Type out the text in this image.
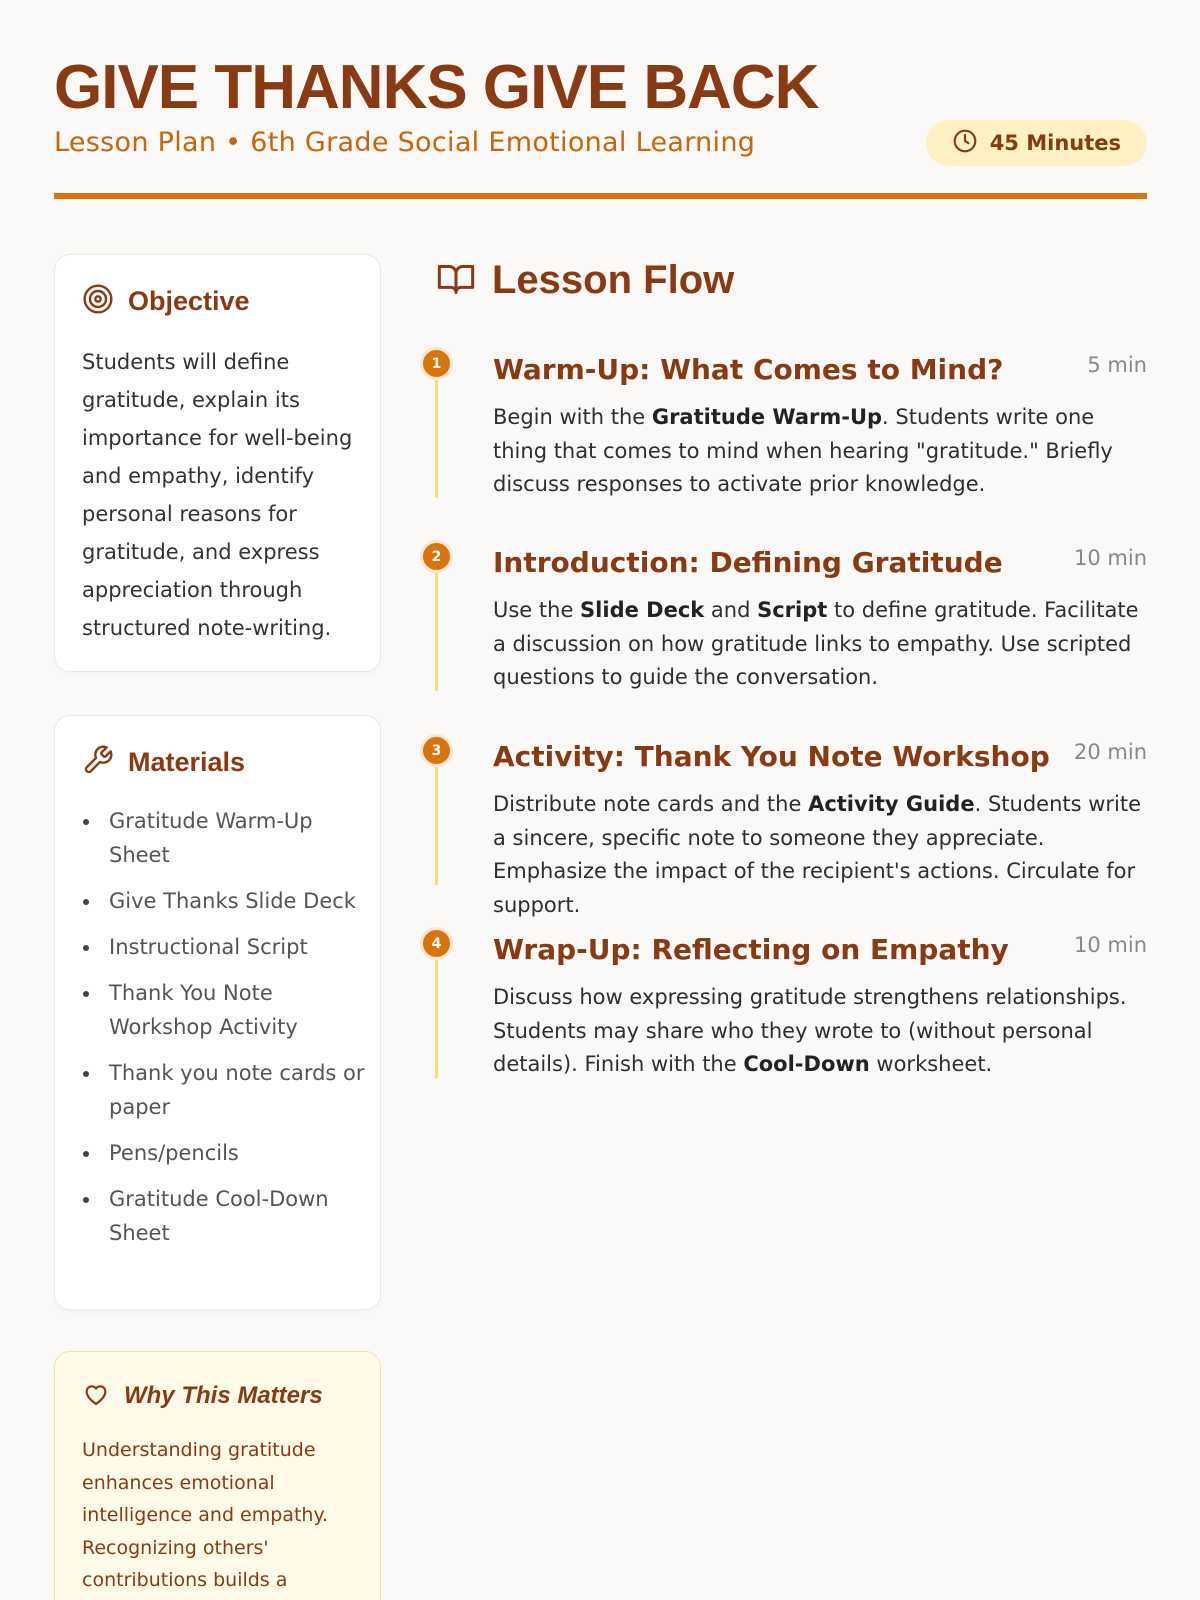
GIVE THANKS GIVE BACK
Lesson Plan • 6th Grade Social Emotional Learning	45 Minutes
Objective

Students will define gratitude, explain its importance for well-being and empathy, identify personal reasons for gratitude, and express appreciation through structured note-writing.

Materials
Gratitude Warm-Up Sheet
Give Thanks Slide Deck
Instructional Script
Thank You Note Workshop Activity
Thank you note cards or paper
Pens/pencils
Gratitude Cool-Down Sheet
Why This Matters

Understanding gratitude enhances emotional intelligence and empathy. Recognizing others' contributions builds a

Lesson Flow
1	Warm-Up: What Comes to Mind?	5 min

Begin with the Gratitude Warm-Up. Students write one thing that comes to mind when hearing "gratitude." Briefly discuss responses to activate prior knowledge.

2	Introduction: Defining Gratitude	10 min

Use the Slide Deck and Script to define gratitude. Facilitate a discussion on how gratitude links to empathy. Use scripted questions to guide the conversation.

3	Activity: Thank You Note Workshop 20 min

Distribute note cards and the Activity Guide. Students write a sincere, specific note to someone they appreciate. Emphasize the impact of the recipient's actions. Circulate for support.

4	Wrap-Up: Reflecting on Empathy	10 min

Discuss how expressing gratitude strengthens relationships. Students may share who they wrote to (without personal details). Finish with the Cool-Down worksheet.
